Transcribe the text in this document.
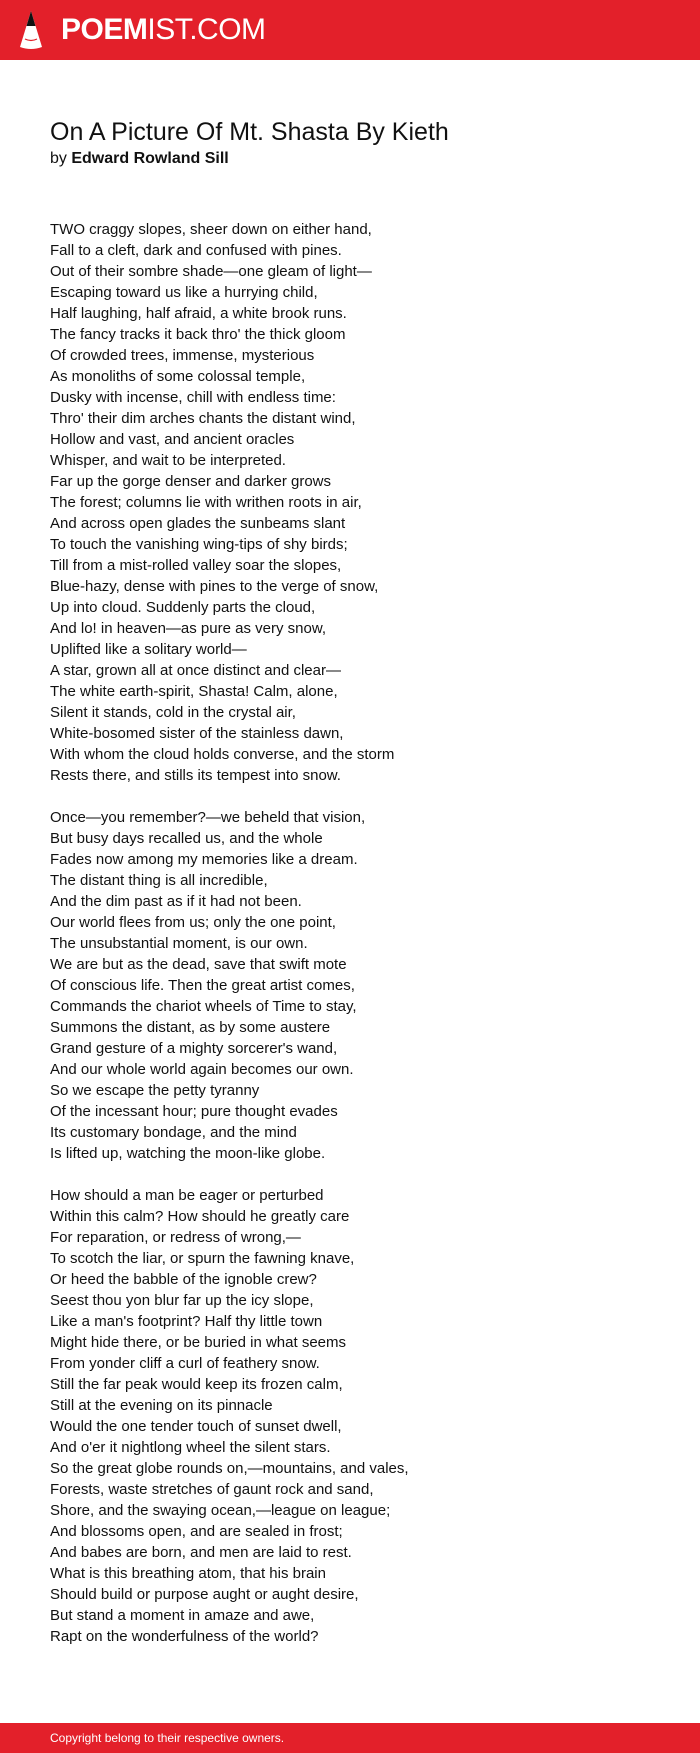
POEMIST.COM
On A Picture Of Mt. Shasta By Kieth
by Edward Rowland Sill
TWO craggy slopes, sheer down on either hand,
Fall to a cleft, dark and confused with pines.
Out of their sombre shade—one gleam of light—
Escaping toward us like a hurrying child,
Half laughing, half afraid, a white brook runs.
The fancy tracks it back thro' the thick gloom
Of crowded trees, immense, mysterious
As monoliths of some colossal temple,
Dusky with incense, chill with endless time:
Thro' their dim arches chants the distant wind,
Hollow and vast, and ancient oracles
Whisper, and wait to be interpreted.
Far up the gorge denser and darker grows
The forest; columns lie with writhen roots in air,
And across open glades the sunbeams slant
To touch the vanishing wing-tips of shy birds;
Till from a mist-rolled valley soar the slopes,
Blue-hazy, dense with pines to the verge of snow,
Up into cloud. Suddenly parts the cloud,
And lo! in heaven—as pure as very snow,
Uplifted like a solitary world—
A star, grown all at once distinct and clear—
The white earth-spirit, Shasta! Calm, alone,
Silent it stands, cold in the crystal air,
White-bosomed sister of the stainless dawn,
With whom the cloud holds converse, and the storm
Rests there, and stills its tempest into snow.
Once—you remember?—we beheld that vision,
But busy days recalled us, and the whole
Fades now among my memories like a dream.
The distant thing is all incredible,
And the dim past as if it had not been.
Our world flees from us; only the one point,
The unsubstantial moment, is our own.
We are but as the dead, save that swift mote
Of conscious life. Then the great artist comes,
Commands the chariot wheels of Time to stay,
Summons the distant, as by some austere
Grand gesture of a mighty sorcerer's wand,
And our whole world again becomes our own.
So we escape the petty tyranny
Of the incessant hour; pure thought evades
Its customary bondage, and the mind
Is lifted up, watching the moon-like globe.
How should a man be eager or perturbed
Within this calm? How should he greatly care
For reparation, or redress of wrong,—
To scotch the liar, or spurn the fawning knave,
Or heed the babble of the ignoble crew?
Seest thou yon blur far up the icy slope,
Like a man's footprint? Half thy little town
Might hide there, or be buried in what seems
From yonder cliff a curl of feathery snow.
Still the far peak would keep its frozen calm,
Still at the evening on its pinnacle
Would the one tender touch of sunset dwell,
And o'er it nightlong wheel the silent stars.
So the great globe rounds on,—mountains, and vales,
Forests, waste stretches of gaunt rock and sand,
Shore, and the swaying ocean,—league on league;
And blossoms open, and are sealed in frost;
And babes are born, and men are laid to rest.
What is this breathing atom, that his brain
Should build or purpose aught or aught desire,
But stand a moment in amaze and awe,
Rapt on the wonderfulness of the world?
Copyright belong to their respective owners.
